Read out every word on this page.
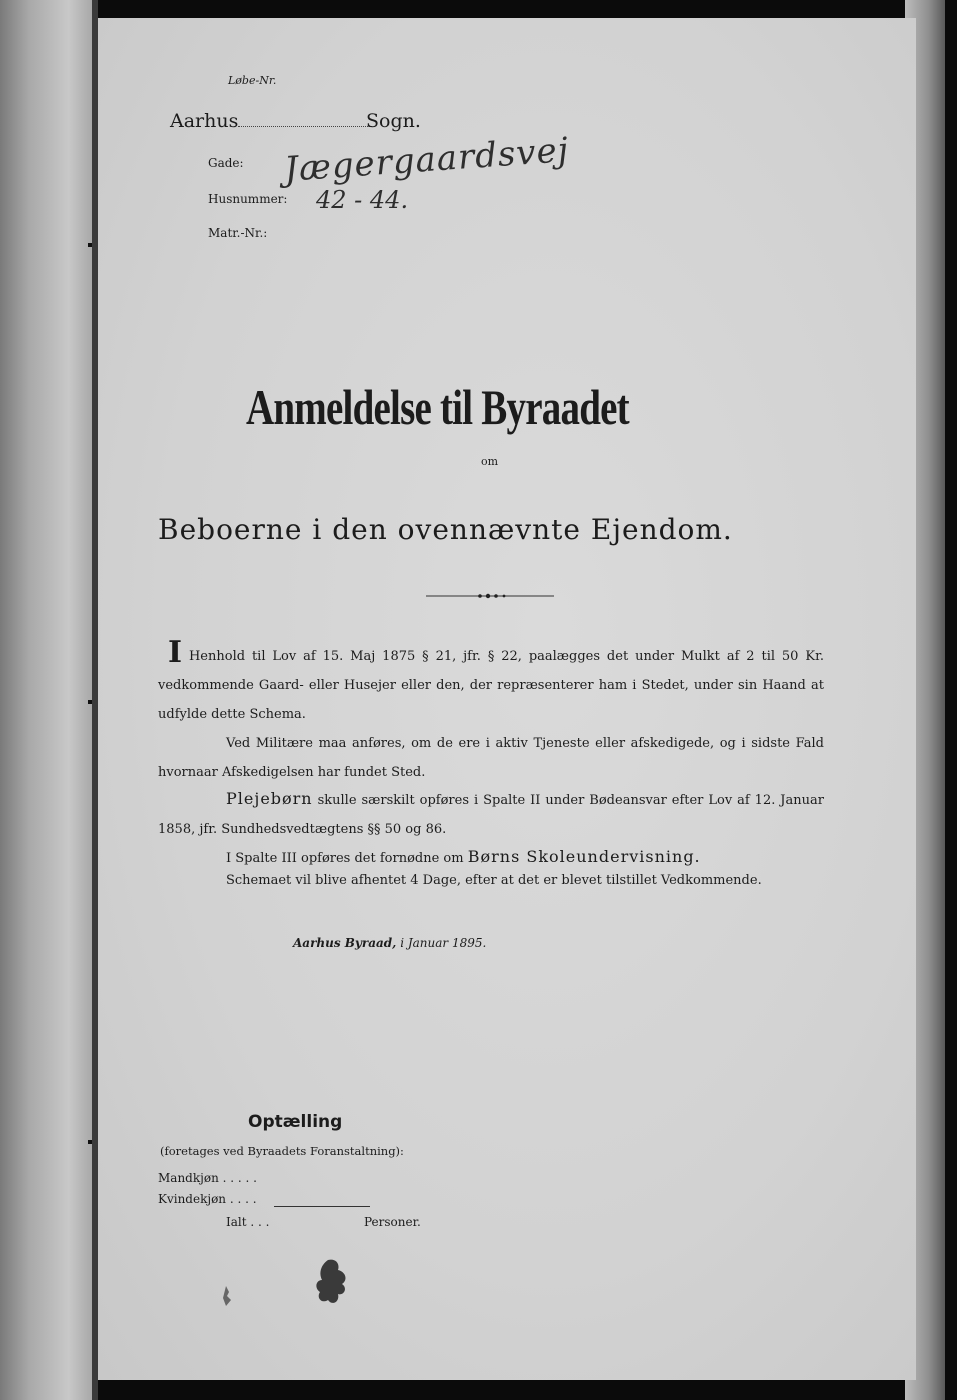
Løbe-Nr.
Aarhus	Sogn.
Gade: Jægergaardsvej
Husnummer: 42 - 44.
Matr.-Nr.:
Anmeldelse til Byraadet
om
Beboerne i den ovennævnte Ejendom.
I Henhold til Lov af 15. Maj 1875 § 21, jfr. § 22, paalægges det under Mulkt af 2 til 50 Kr. vedkommende Gaard- eller Husejer eller den, der repræsenterer ham i Stedet, under sin Haand at udfylde dette Schema.
Ved Militære maa anføres, om de ere i aktiv Tjeneste eller afskedigede, og i sidste Fald hvornaar Afskedigelsen har fundet Sted.
Plejebørn skulle særskilt opføres i Spalte II under Bødeansvar efter Lov af 12. Januar 1858, jfr. Sundhedsvedtægtens §§ 50 og 86.
I Spalte III opføres det fornødne om Børns Skoleundervisning.
Schemaet vil blive afhentet 4 Dage, efter at det er blevet tilstillet Vedkommende.
Aarhus Byraad, i Januar 1895.
Optælling
(foretages ved Byraadets Foranstaltning):
Mandkjøn . . . . .
Kvindekjøn . . . .
Ialt . . .	Personer.
